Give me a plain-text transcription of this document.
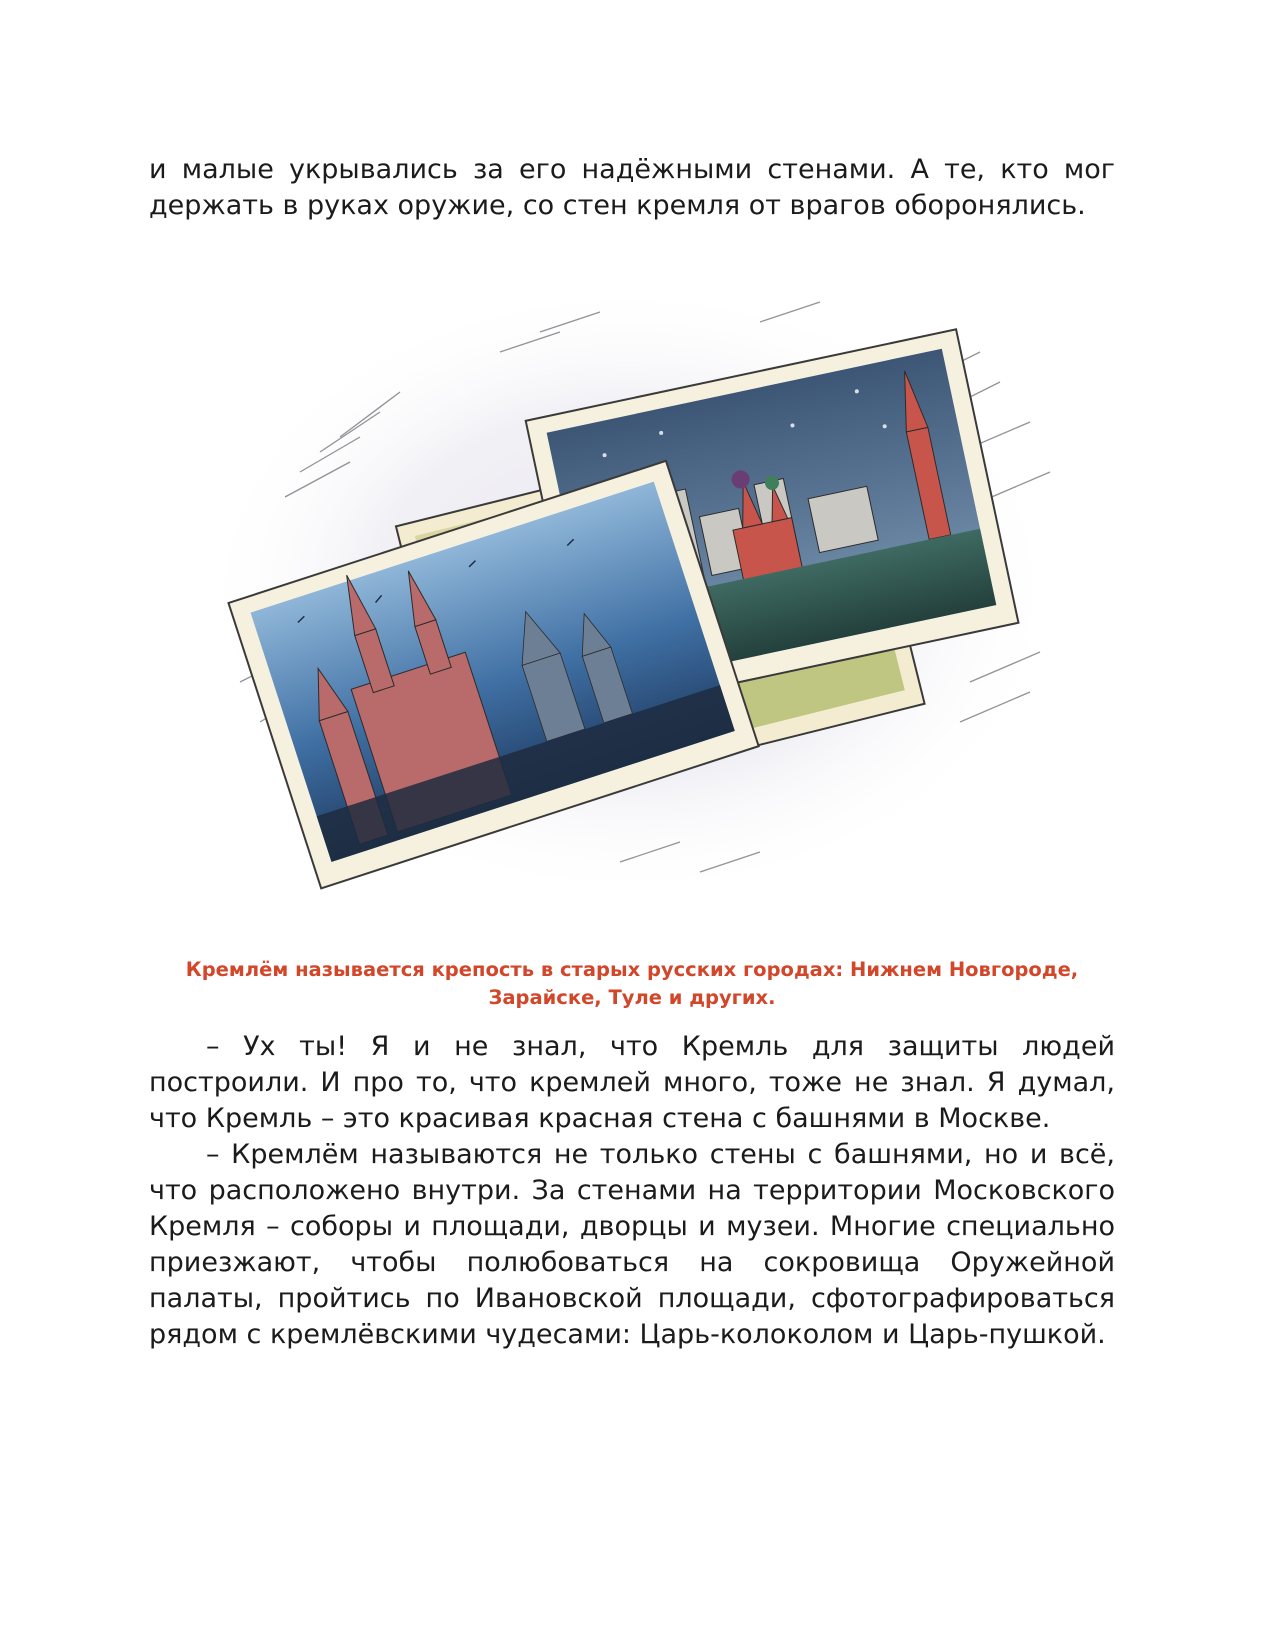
и малые укрывались за его надёжными стенами. А те, кто мог держать в руках оружие, со стен кремля от врагов оборонялись.

Кремлём называется крепость в старых русских городах: Нижнем Новгороде,
Зарайске, Туле и других.

– Ух ты! Я и не знал, что Кремль для защиты людей построили. И про то, что кремлей много, тоже не знал. Я думал, что Кремль – это красивая красная стена с башнями в Москве.

– Кремлём называются не только стены с башнями, но и всё, что расположено внутри. За стенами на территории Московского Кремля – соборы и площади, дворцы и музеи. Многие специально приезжают, чтобы полюбоваться на сокровища Оружейной палаты, пройтись по Ивановской площади, сфотографироваться рядом с кремлёвскими чудесами: Царь-колоколом и Царь-пушкой.
